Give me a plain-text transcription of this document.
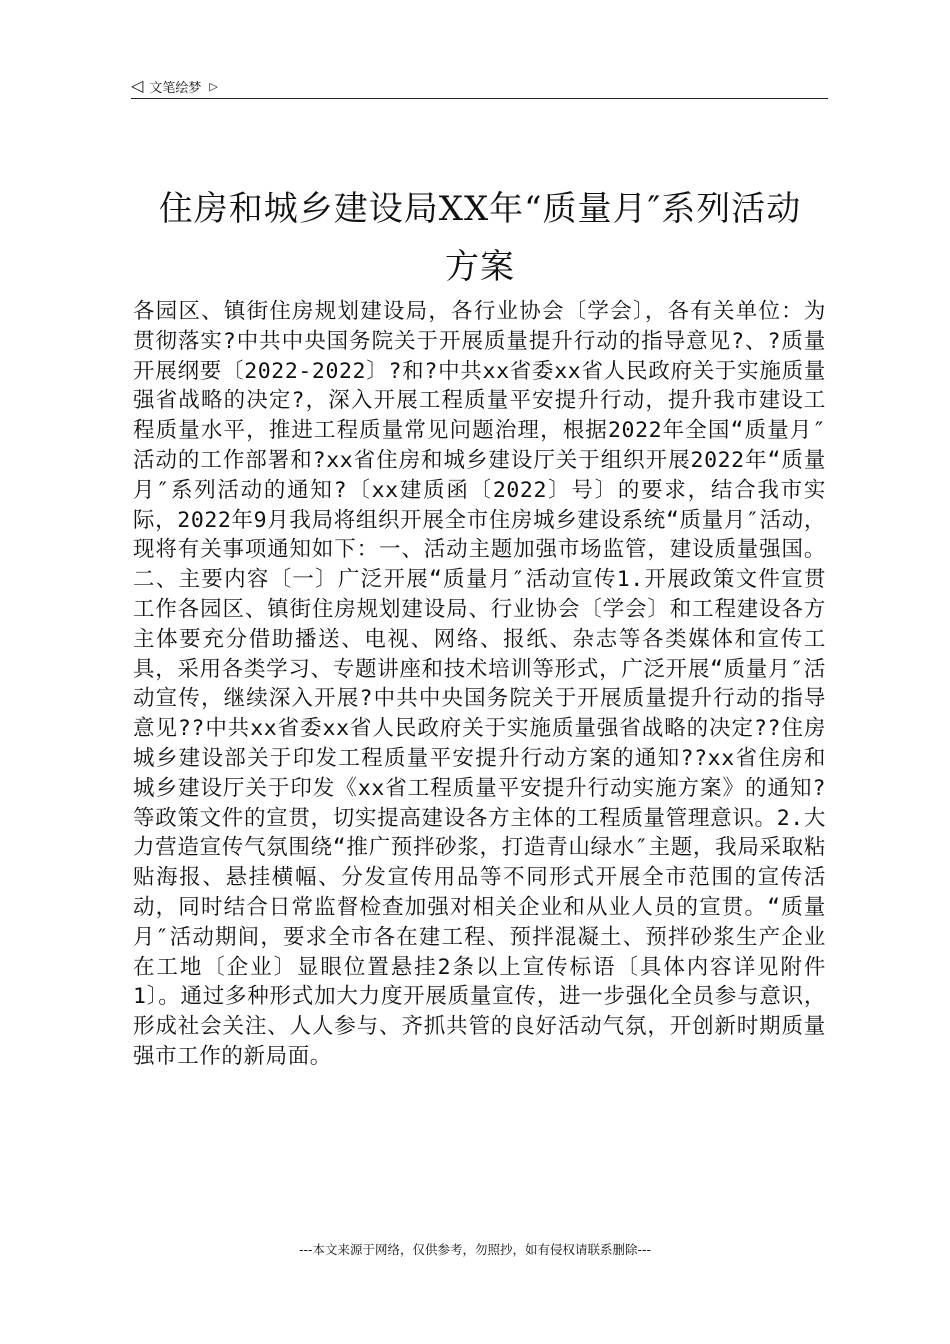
◁ 文笔绘梦 ▷
住房和城乡建设局XX年“质量月″系列活动
方案
各园区、镇街住房规划建设局，各行业协会〔学会〕，各有关单位：为贯彻落实?中共中央国务院关于开展质量提升行动的指导意见?、?质量开展纲要〔2022-2022〕?和?中共xx省委xx省人民政府关于实施质量强省战略的决定?，深入开展工程质量平安提升行动，提升我市建设工程质量水平，推进工程质量常见问题治理，根据2022年全国“质量月″活动的工作部署和?xx省住房和城乡建设厅关于组织开展2022年“质量月″系列活动的通知?〔xx建质函〔2022〕号〕的要求，结合我市实际，2022年9月我局将组织开展全市住房城乡建设系统“质量月″活动，现将有关事项通知如下：一、活动主题加强市场监管，建设质量强国。二、主要内容〔一〕广泛开展“质量月″活动宣传1.开展政策文件宣贯工作各园区、镇街住房规划建设局、行业协会〔学会〕和工程建设各方主体要充分借助播送、电视、网络、报纸、杂志等各类媒体和宣传工具，采用各类学习、专题讲座和技术培训等形式，广泛开展“质量月″活动宣传，继续深入开展?中共中央国务院关于开展质量提升行动的指导意见??中共xx省委xx省人民政府关于实施质量强省战略的决定??住房城乡建设部关于印发工程质量平安提升行动方案的通知??xx省住房和城乡建设厅关于印发《xx省工程质量平安提升行动实施方案》的通知?等政策文件的宣贯，切实提高建设各方主体的工程质量管理意识。2.大力营造宣传气氛围绕“推广预拌砂浆，打造青山绿水″主题，我局采取粘贴海报、悬挂横幅、分发宣传用品等不同形式开展全市范围的宣传活动，同时结合日常监督检查加强对相关企业和从业人员的宣贯。“质量月″活动期间，要求全市各在建工程、预拌混凝土、预拌砂浆生产企业在工地〔企业〕显眼位置悬挂2条以上宣传标语〔具体内容详见附件1〕。通过多种形式加大力度开展质量宣传，进一步强化全员参与意识，形成社会关注、人人参与、齐抓共管的良好活动气氛，开创新时期质量强市工作的新局面。
---本文来源于网络，仅供参考，勿照抄，如有侵权请联系删除---
